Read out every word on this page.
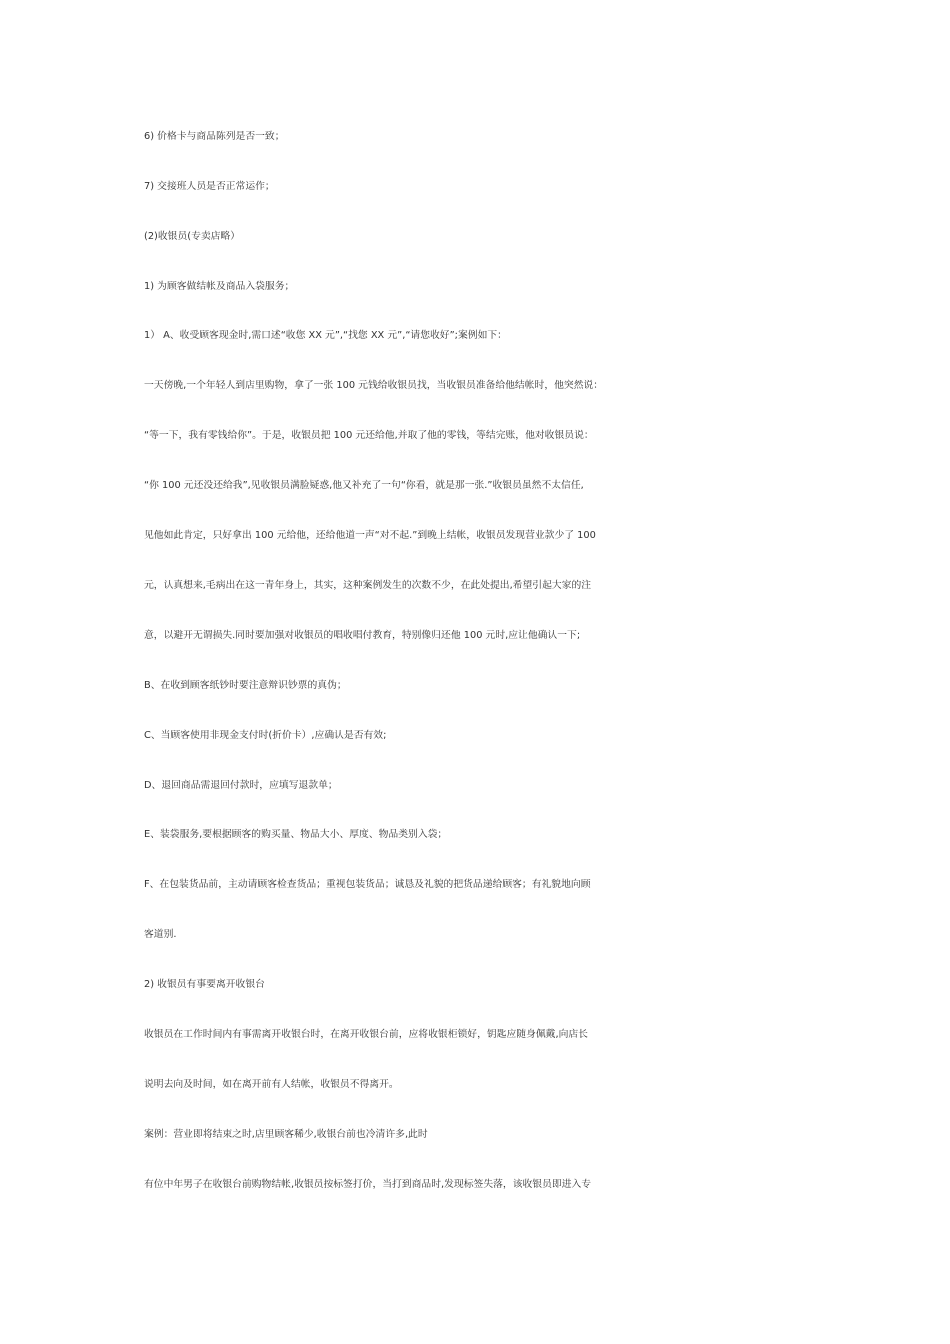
6) 价格卡与商品陈列是否一致；
7) 交接班人员是否正常运作；
(2)收银员(专卖店略）
1) 为顾客做结帐及商品入袋服务；
1） A、收受顾客现金时,需口述“收您 XX 元”,“找您 XX 元”,“请您收好”;案例如下：
一天傍晚,一个年轻人到店里购物，拿了一张 100 元钱给收银员找，当收银员准备给他结帐时，他突然说：
“等一下，我有零钱给你”。于是，收银员把 100 元还给他,并取了他的零钱，等结完账，他对收银员说：
“你 100 元还没还给我”,见收银员满脸疑惑,他又补充了一句“你看，就是那一张.”收银员虽然不太信任,
见他如此肯定，只好拿出 100 元给他，还给他道一声“对不起.”到晚上结帐，收银员发现营业款少了 100
元，认真想来,毛病出在这一青年身上，其实，这种案例发生的次数不少，在此处提出,希望引起大家的注
意，以避开无谓损失.同时要加强对收银员的唱收唱付教育，特别像归还他 100 元时,应让他确认一下;
B、在收到顾客纸钞时要注意辩识钞票的真伪；
C、当顾客使用非现金支付时(折价卡）,应确认是否有效;
D、退回商品需退回付款时，应填写退款单；
E、装袋服务,要根据顾客的购买量、物品大小、厚度、物品类别入袋；
F、在包装货品前，主动请顾客检查货品；重视包装货品；诚恳及礼貌的把货品递给顾客；有礼貌地向顾
客道别.
2) 收银员有事要离开收银台
收银员在工作时间内有事需离开收银台时，在离开收银台前，应将收银柜锁好，钥匙应随身佩戴,向店长
说明去向及时间，如在离开前有人结帐，收银员不得离开。
案例：营业即将结束之时,店里顾客稀少,收银台前也冷清许多,此时
有位中年男子在收银台前购物结帐,收银员按标签打价，当打到商品时,发现标签失落，该收银员即进入专
